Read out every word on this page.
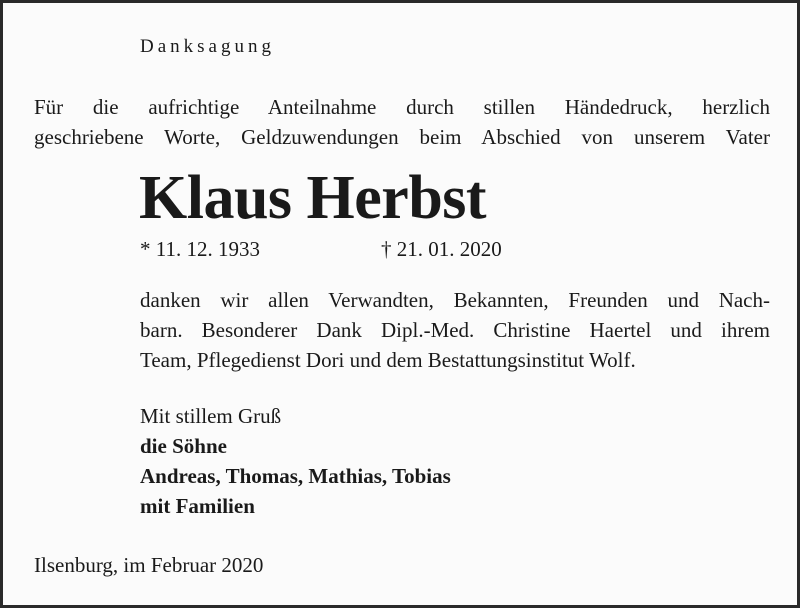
Danksagung
Für die aufrichtige Anteilnahme durch stillen Händedruck, herzlich
geschriebene Worte, Geldzuwendungen beim Abschied von unserem Vater
Klaus Herbst
* 11. 12. 1933	† 21. 01. 2020
danken wir allen Verwandten, Bekannten, Freunden und Nach-
barn. Besonderer Dank Dipl.-Med. Christine Haertel und ihrem
Team, Pflegedienst Dori und dem Bestattungsinstitut Wolf.
Mit stillem Gruß
die Söhne
Andreas, Thomas, Mathias, Tobias
mit Familien
Ilsenburg, im Februar 2020
